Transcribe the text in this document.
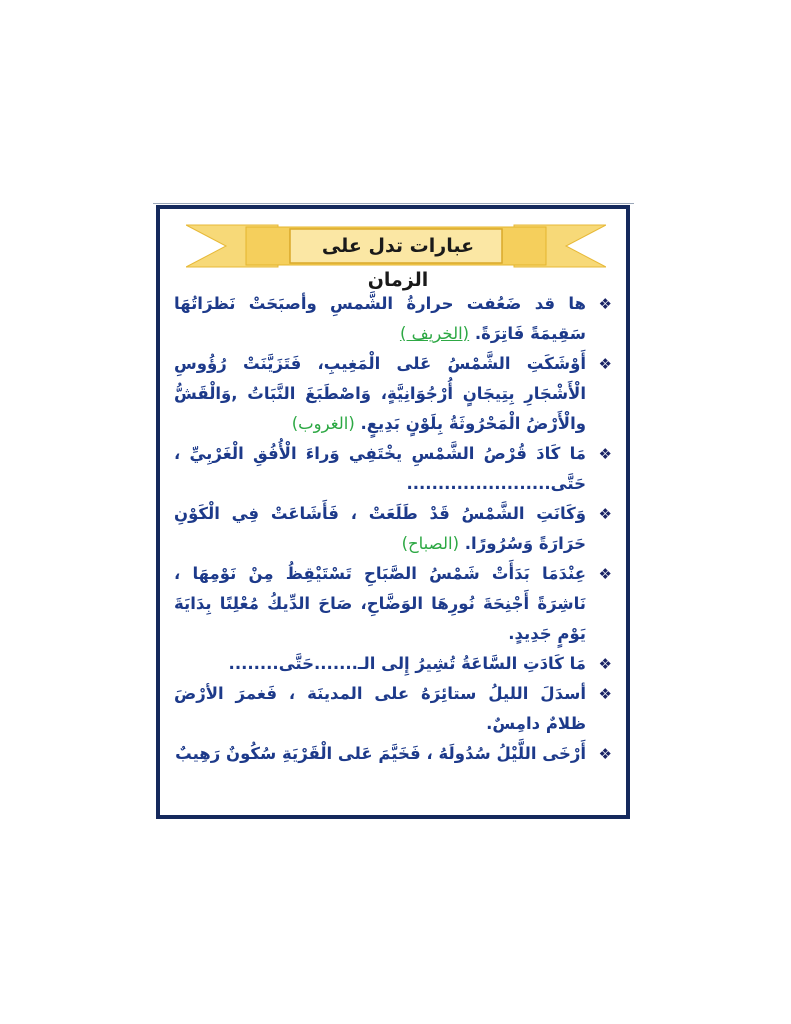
عبارات تدل على الزمان
❖
ها قد ضَعُفت حرارةُ الشَّمسِ وأصبَحَتْ نَظرَاتُهَا سَقِيمَةً فَاتِرَةً. (الخريف )
❖
أَوْشَكَتِ الشَّمْسُ عَلى الْمَغِيبِ، فَتَزَيَّنَتْ رُؤُوسِ الْأَشْجَارِ بِتِيجَانٍ أُرْجُوَانِيَّةٍ، وَاصْطَبَغَ النَّبَاتُ ,وَالْقَشُّ والْأَرْضُ الْمَحْرُوثَةُ بِلَوْنٍ بَدِيعٍ. (الغروب)
❖
مَا كَادَ قُرْصُ الشَّمْسِ يخْتَفِي وَراءَ الْأُفُقِ الْغَرْبِيِّ ، حَتَّى.......................
❖
وَكَانَتِ الشَّمْسُ قَدْ طَلَعَتْ ، فَأَشَاعَتْ فِي الْكَوْنِ حَرَارَةً وَسُرُورًا. (الصباح)
❖
عِنْدَمَا بَدَأَتْ شَمْسُ الصَّبَاحِ تَسْتَيْقِظُ مِنْ نَوْمِهَا ، نَاشِرَةً أَجْنِحَةَ نُورِهَا الوَضَّاحِ، صَاحَ الدِّيكُ مُعْلِنًا بِدَايَةَ يَوْمٍ جَدِيدٍ.
❖
مَا كَادَتِ السَّاعَةُ تُشِيرُ إِلى الـ.......حَتَّى........
❖
أسدَلَ الليلُ ستائِرَهُ على المدينَة ، فَغمرَ الأرْضَ ظلامٌ دامِسٌ.
❖
أَرْخَى اللَّيْلُ سُدُولَهُ ، فَخَيَّمَ عَلى الْقَرْيَةِ سُكُونٌ رَهِيبٌ
